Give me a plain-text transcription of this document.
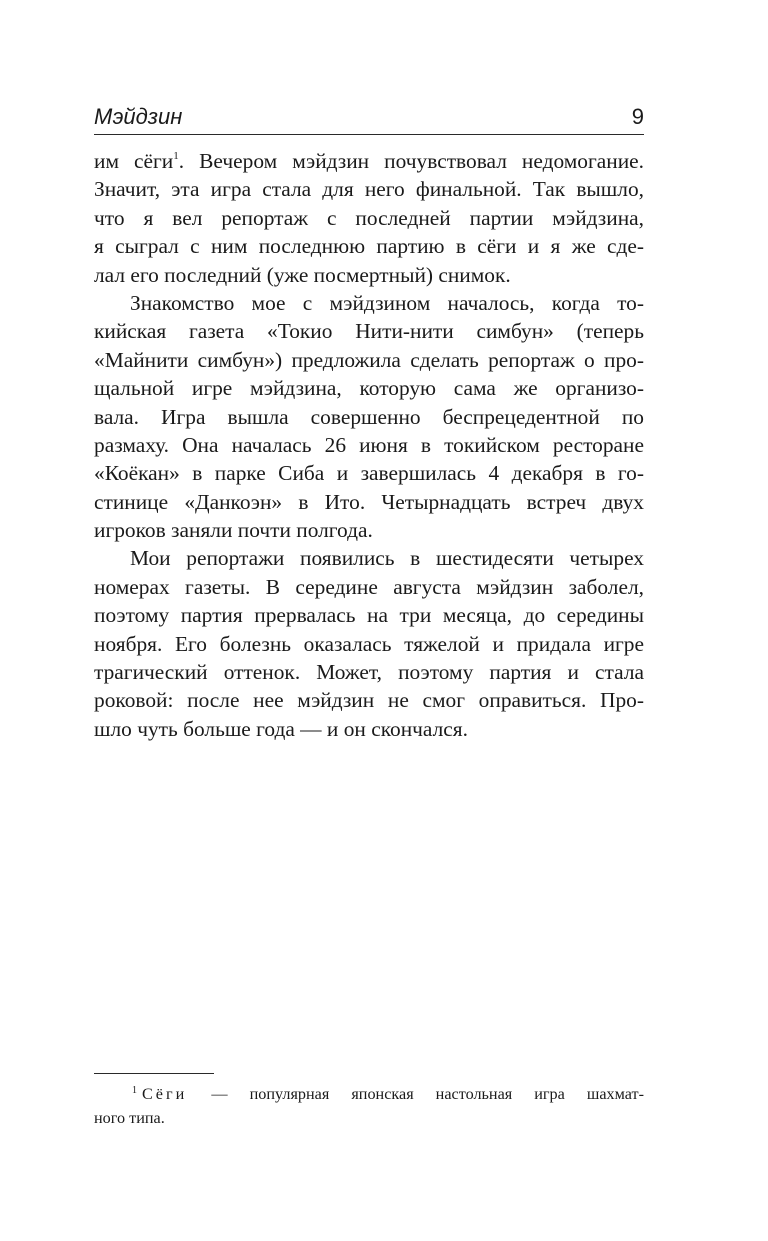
Мэйдзин	9
им сёги$^1$. Вечером мэйдзин почувствовал недомогание.
Значит, эта игра стала для него финальной. Так вышло,
что я вел репортаж с последней партии мэйдзина,
я сыграл с ним последнюю партию в сёги и я же сде-
лал его последний (уже посмертный) снимок.
Знакомство мое с мэйдзином началось, когда то-
кийская газета «Токио Нити-нити симбун» (теперь
«Майнити симбун») предложила сделать репортаж о про-
щальной игре мэйдзина, которую сама же организо-
вала. Игра вышла совершенно беспрецедентной по
размаху. Она началась 26 июня в токийском ресторане
«Коёкан» в парке Сиба и завершилась 4 декабря в го-
стинице «Данкоэн» в Ито. Четырнадцать встреч двух
игроков заняли почти полгода.
Мои репортажи появились в шестидесяти четырех
номерах газеты. В середине августа мэйдзин заболел,
поэтому партия прервалась на три месяца, до середины
ноября. Его болезнь оказалась тяжелой и придала игре
трагический оттенок. Может, поэтому партия и стала
роковой: после нее мэйдзин не смог оправиться. Про-
шло чуть больше года — и он скончался.
$^1$ Сёги — популярная японская настольная игра шахмат-
ного типа.
